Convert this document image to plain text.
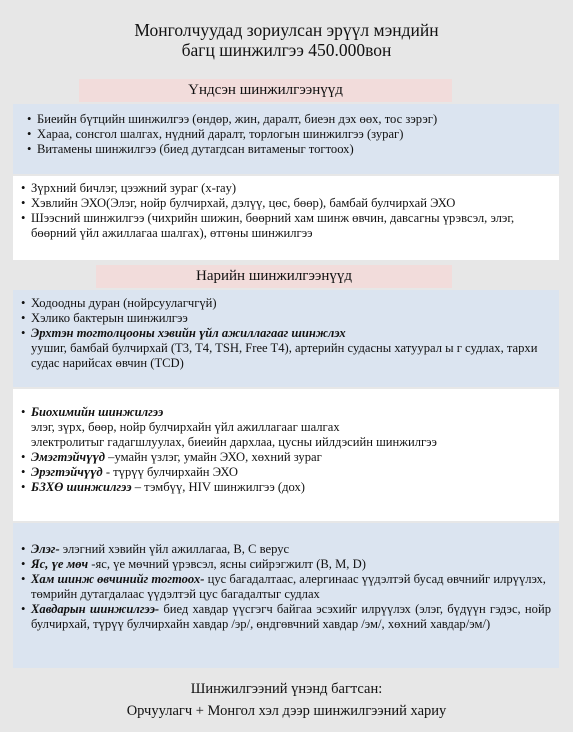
Монголчуудад зориулсан эрүүл мэндийн
багц шинжилгээ 450.000вон
Үндсэн шинжилгээнүүд
• Биеийн бүтцийн шинжилгээ (өндөр, жин, даралт, биеэн дэх өөх, тос зэрэг)
• Хараа, сонсгол шалгах, нүдний даралт, торлогын шинжилгээ (зураг)
• Витамены шинжилгээ (биед дутагдсан витаменыг тогтоох)
• Зүрхний бичлэг, цээжний зураг (x-ray)
• Хэвлийн ЭХО(Элэг, нойр булчирхай, дэлүү, цөс, бөөр), бамбай булчирхай ЭХО
• Шээсний шинжилгээ (чихрийн шижин, бөөрний хам шинж өвчин, давсагны үрэвсэл, элэг, бөөрний үйл ажиллагаа шалгах), өтгөны шинжилгээ
Нарийн шинжилгээнүүд
• Ходоодны дуран (нойрсуулагчгүй)
• Хэлико бактерын шинжилгээ
• Эрхтэн тогтолцооны хэвийн үйл ажиллагааг шинжлэх
уушиг, бамбай булчирхай (T3, T4, TSH, Free T4), артерийн судасны хатуурал ы г судлах, тархи судас нарийсах өвчин (TCD)
• Биохимийн шинжилгээ
элэг, зүрх, бөөр, нойр булчирхайн үйл ажиллагааг шалгах
электролитыг гадагшлуулах, биеийн дархлаа, цусны ийлдэсийн шинжилгээ
• Эмэгтэйчүүд –умайн үзлэг, умайн ЭХО, хөхний зураг
• Эрэгтэйчүүд - түрүү булчирхайн ЭХО
• БЗХӨ шинжилгээ – тэмбүү, HIV шинжилгээ (дох)
• Элэг- элэгний хэвийн үйл ажиллагаа, B, C верус
• Яс, үе мөч -яс, үе мөчний үрэвсэл, ясны сийрэгжилт (B, M, D)
• Хам шинж өвчинийг тогтоох- цус багадалтаас, алергинаас үүдэлтэй бусад өвчнийг илрүүлэх, төмрийн дутагдалаас үүдэлтэй цус багадалтыг судлах
• Хавдарын шинжилгээ- биед хавдар үүсгэгч байгаа эсэхийг илрүүлэх (элэг, бүдүүн гэдэс, нойр булчирхай, түрүү булчирхайн хавдар /эр/, өндгөвчний хавдар /эм/, хөхний хавдар/эм/)
Шинжилгээний үнэнд багтсан:
Орчуулагч + Монгол хэл дээр шинжилгээний хариу
